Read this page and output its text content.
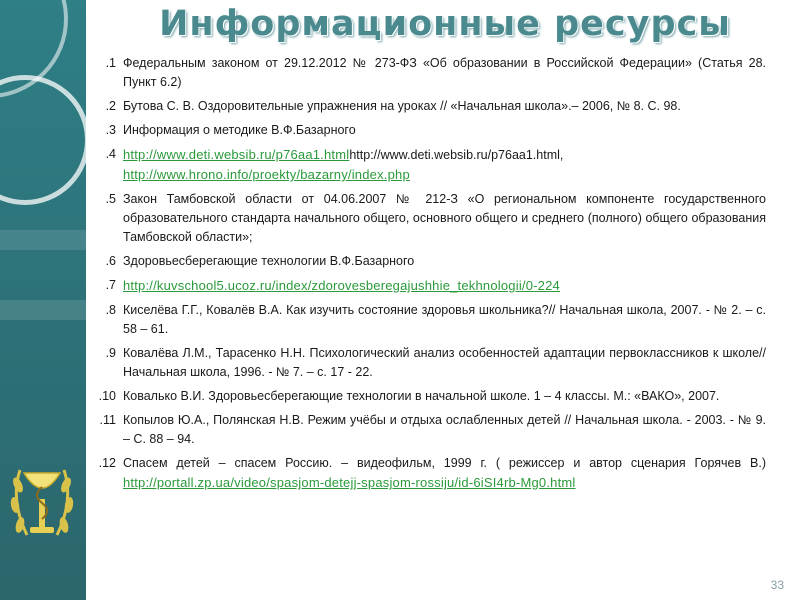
Информационные ресурсы
1. Федеральным законом от 29.12.2012 № 273-ФЗ «Об образовании в Российской Федерации» (Статья 28. Пункт 6.2)
2. Бутова С. В. Оздоровительные упражнения на уроках // «Начальная школа».– 2006, № 8. С. 98.
3. Информация о методике В.Ф.Базарного
4. http://www.deti.websib.ru/p76aa1.htmlhttp://www.deti.websib.ru/p76aa1.html, http://www.hrono.info/proekty/bazarny/index.php
5. Закон Тамбовской области от 04.06.2007 № 212-З «О региональном компоненте государственного образовательного стандарта начального общего, основного общего и среднего (полного) общего образования Тамбовской области»;
6. Здоровьесберегающие технологии В.Ф.Базарного
7. http://kuvschool5.ucoz.ru/index/zdorovesberegajushhie_tekhnologii/0-224
8. Киселёва Г.Г., Ковалёв В.А. Как изучить состояние здоровья школьника?// Начальная школа, 2007. - № 2. – с. 58 – 61.
9. Ковалёва Л.М., Тарасенко Н.Н. Психологический анализ особенностей адаптации первоклассников к школе// Начальная школа, 1996. - № 7. – с. 17 - 22.
10. Ковалько В.И. Здоровьесберегающие технологии в начальной школе. 1 – 4 классы. М.: «ВАКО», 2007.
11. Копылов Ю.А., Полянская Н.В. Режим учёбы и отдыха ослабленных детей // Начальная школа. - 2003. - № 9. – С. 88 – 94.
12. Спасем детей – спасем Россию. – видеофильм, 1999 г. ( режиссер и автор сценария Горячев В.) http://portall.zp.ua/video/spasjom-detejj-spasjom-rossiju/id-6iSI4rb-Mg0.html
33
